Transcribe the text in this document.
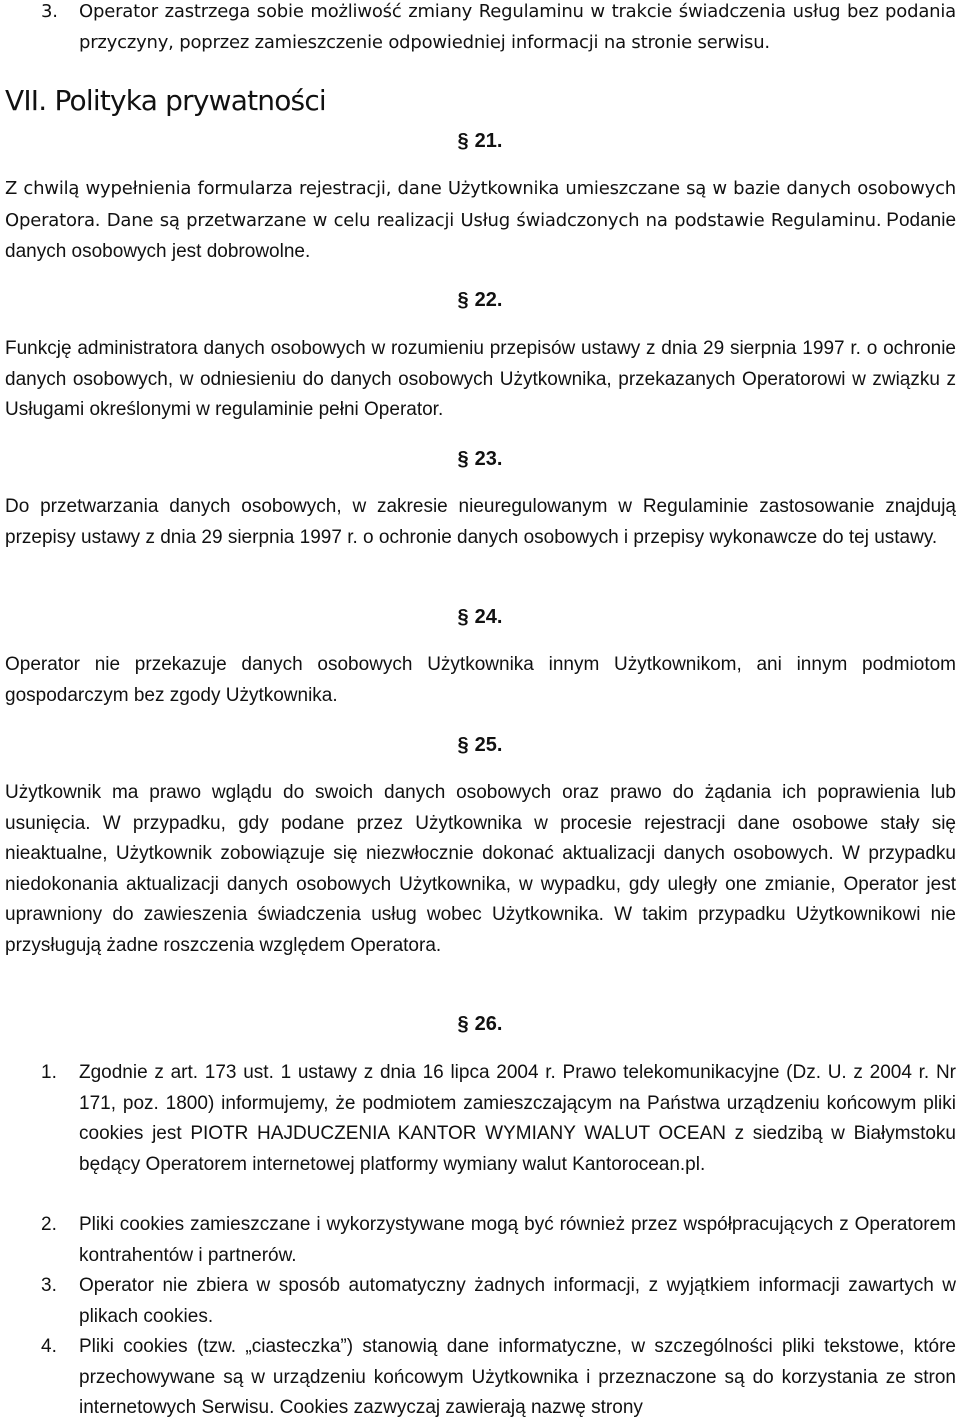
3.	Operator zastrzega sobie możliwość zmiany Regulaminu w trakcie świadczenia usług bez podania przyczyny, poprzez zamieszczenie odpowiedniej informacji na stronie serwisu.
VII. Polityka prywatności
§ 21.
Z chwilą wypełnienia formularza rejestracji, dane Użytkownika umieszczane są w bazie danych osobowych Operatora. Dane są przetwarzane w celu realizacji Usług świadczonych na podstawie Regulaminu. Podanie danych osobowych jest dobrowolne.
§ 22.
Funkcję administratora danych osobowych w rozumieniu przepisów ustawy z dnia 29 sierpnia 1997 r. o ochronie danych osobowych, w odniesieniu do danych osobowych Użytkownika, przekazanych Operatorowi w związku z Usługami określonymi w regulaminie pełni Operator.
§ 23.
Do przetwarzania danych osobowych, w zakresie nieuregulowanym w Regulaminie zastosowanie znajdują przepisy ustawy z dnia 29 sierpnia 1997 r. o ochronie danych osobowych i przepisy wykonawcze do tej ustawy.
§ 24.
Operator nie przekazuje danych osobowych Użytkownika innym Użytkownikom, ani innym podmiotom gospodarczym bez zgody Użytkownika.
§ 25.
Użytkownik ma prawo wglądu do swoich danych osobowych oraz prawo do żądania ich poprawienia lub usunięcia. W przypadku, gdy podane przez Użytkownika w procesie rejestracji dane osobowe stały się nieaktualne, Użytkownik zobowiązuje się niezwłocznie dokonać aktualizacji danych osobowych. W przypadku niedokonania aktualizacji danych osobowych Użytkownika, w wypadku, gdy uległy one zmianie, Operator jest uprawniony do zawieszenia świadczenia usług wobec Użytkownika. W takim przypadku Użytkownikowi nie przysługują żadne roszczenia względem Operatora.
§ 26.
1.	Zgodnie z art. 173 ust. 1 ustawy z dnia 16 lipca 2004 r. Prawo telekomunikacyjne (Dz. U. z 2004 r. Nr 171, poz. 1800) informujemy, że podmiotem zamieszczającym na Państwa urządzeniu końcowym pliki cookies jest PIOTR HAJDUCZENIA KANTOR WYMIANY WALUT OCEAN z siedzibą w Białymstoku będący Operatorem internetowej platformy wymiany walut Kantorocean.pl.
2.	Pliki cookies zamieszczane i wykorzystywane mogą być również przez współpracujących z Operatorem kontrahentów i partnerów.
3.	Operator nie zbiera w sposób automatyczny żadnych informacji, z wyjątkiem informacji zawartych w plikach cookies.
4.	Pliki cookies (tzw. „ciasteczka”) stanowią dane informatyczne, w szczególności pliki tekstowe, które przechowywane są w urządzeniu końcowym Użytkownika i przeznaczone są do korzystania ze stron internetowych Serwisu. Cookies zazwyczaj zawierają nazwę strony
